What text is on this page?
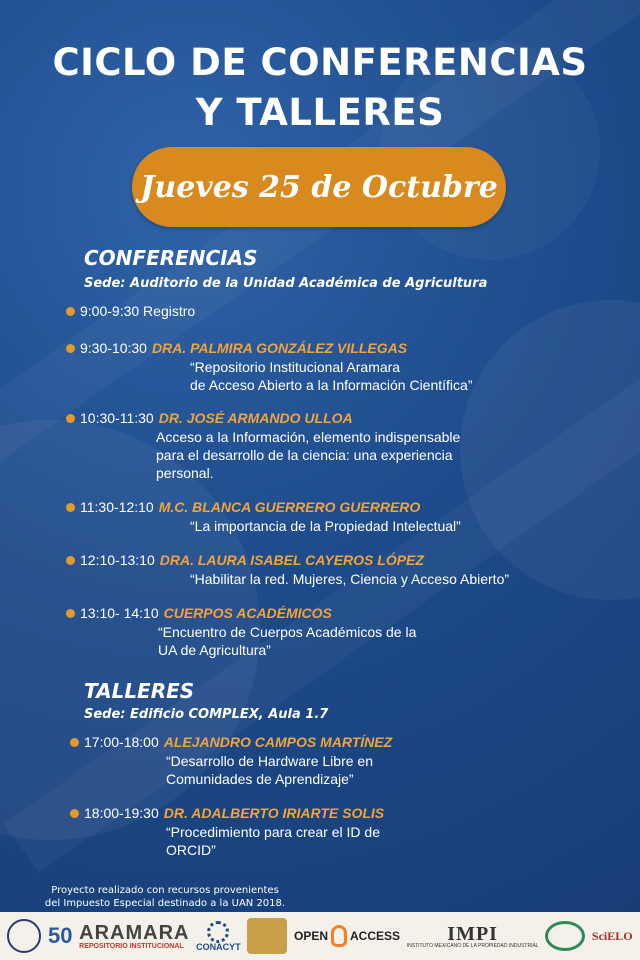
CICLO DE CONFERENCIAS
Y TALLERES
Jueves 25 de Octubre
CONFERENCIAS
Sede: Auditorio de la Unidad Académica de Agricultura
9:00-9:30 Registro
9:30-10:30 DRA. PALMIRA GONZÁLEZ VILLEGAS
“Repositorio Institucional Aramara
de Acceso Abierto a la Información Científica”
10:30-11:30 DR. JOSÉ ARMANDO ULLOA
Acceso a la Información, elemento indispensable
para el desarrollo de la ciencia: una experiencia
personal.
11:30-12:10 M.C. BLANCA GUERRERO GUERRERO
“La importancia de la Propiedad Intelectual”
12:10-13:10 DRA. LAURA ISABEL CAYEROS LÓPEZ
“Habilitar la red. Mujeres, Ciencia y Acceso Abierto”
13:10- 14:10 CUERPOS ACADÉMICOS
“Encuentro de Cuerpos Académicos de la
UA de Agricultura”
TALLERES
Sede: Edificio COMPLEX, Aula 1.7
17:00-18:00 ALEJANDRO CAMPOS MARTÍNEZ
“Desarrollo de Hardware Libre en
Comunidades de Aprendizaje”
18:00-19:30 DR. ADALBERTO IRIARTE SOLIS
“Procedimiento para crear el ID de
ORCID”
Proyecto realizado con recursos provenientes
del Impuesto Especial destinado a la UAN 2018.
50 ARAMARA
REPOSITORIO INSTITUCIONAL CONACYT
OPEN ACCESS IMPI
INSTITUTO MEXICANO DE LA PROPIEDAD INDUSTRIAL
SciELO
